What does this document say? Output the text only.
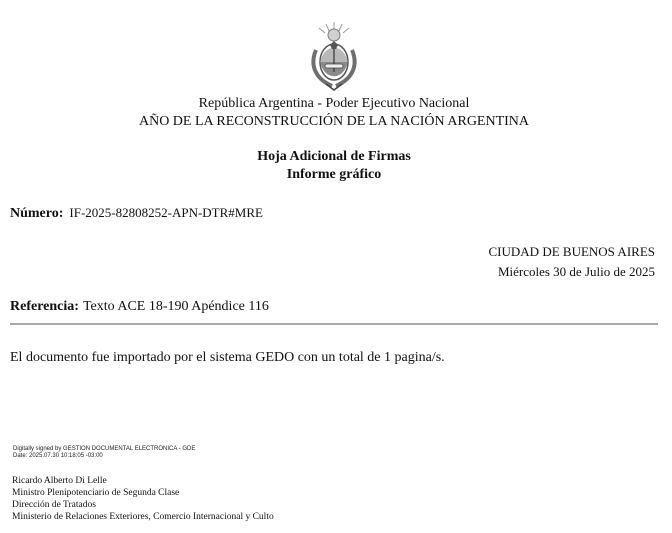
República Argentina - Poder Ejecutivo Nacional
AÑO DE LA RECONSTRUCCIÓN DE LA NACIÓN ARGENTINA
Hoja Adicional de Firmas
Informe gráfico
Número: IF-2025-82808252-APN-DTR#MRE
CIUDAD DE BUENOS AIRES
Miércoles 30 de Julio de 2025
Referencia: Texto ACE 18-190 Apéndice 116
El documento fue importado por el sistema GEDO con un total de 1 pagina/s.
Digitally signed by GESTION DOCUMENTAL ELECTRONICA - GDE
Date: 2025.07.30 10:18:05 -03:00
Ricardo Alberto Di Lelle
Ministro Plenipotenciario de Segunda Clase
Dirección de Tratados
Ministerio de Relaciones Exteriores, Comercio Internacional y Culto
